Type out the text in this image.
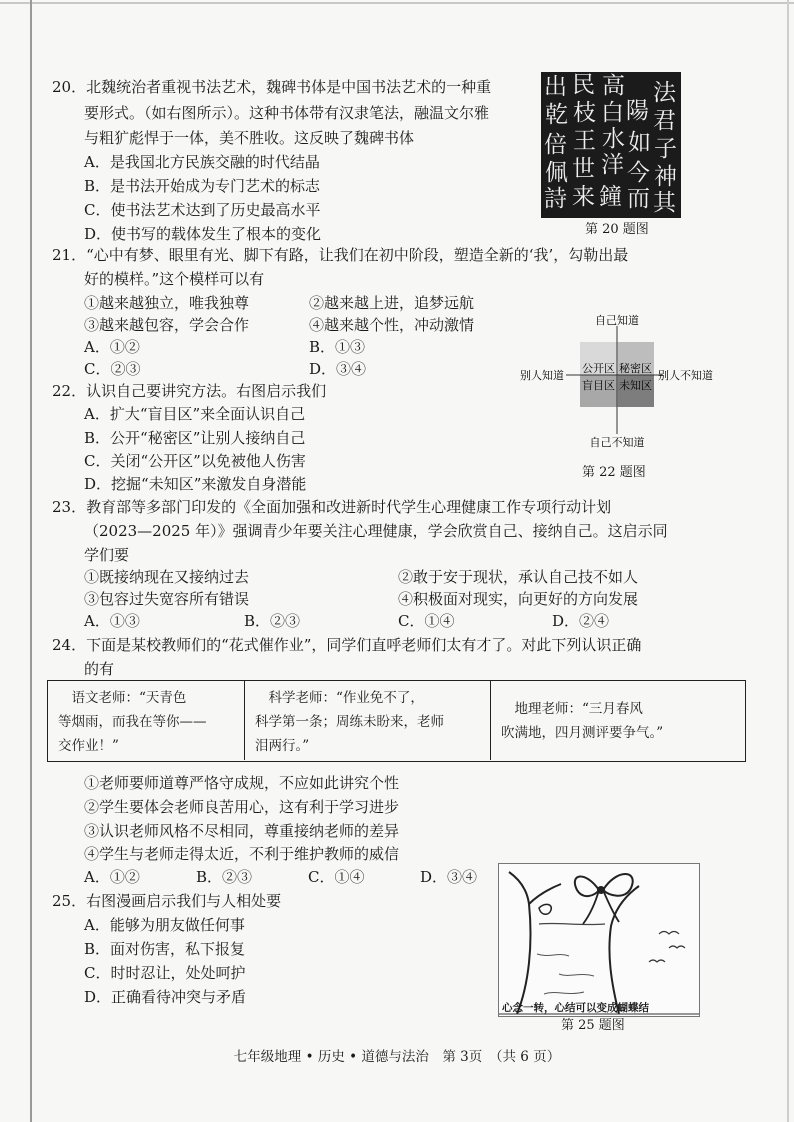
20．北魏统治者重视书法艺术，魏碑书体是中国书法艺术的一种重
要形式。（如右图所示）。这种书体带有汉隶笔法，融温文尔雅
与粗犷彪悍于一体，美不胜收。这反映了魏碑书体
A．是我国北方民族交融的时代结晶
B．是书法开始成为专门艺术的标志
C．使书法艺术达到了历史最高水平
D．使书写的载体发生了根本的变化
出 民 高
陽
法
乾 枝 白
水
君
倍 王
洋
如 子
佩
詩
今 神
世
来 而 其
鐘
第 20 题图
21．“心中有梦、眼里有光、脚下有路，让我们在初中阶段，塑造全新的‘我’，勾勒出最
好的模样。”这个模样可以有
①越来越独立，唯我独尊	②越来越上进，追梦远航
③越来越包容，学会合作	④越来越个性，冲动激情
A．①②	B．①③
C．②③	D．③④
22．认识自己要讲究方法。右图启示我们
A．扩大“盲目区”来全面认识自己
B．公开“秘密区”让别人接纳自己
C．关闭“公开区”以免被他人伤害
D．挖掘“未知区”来激发自身潜能
自己知道
自己不知道
别人知道	别人不知道
公开区 秘密区
盲目区 未知区
第 22 题图
23．教育部等多部门印发的《全面加强和改进新时代学生心理健康工作专项行动计划
（2023—2025 年）》强调青少年要关注心理健康，学会欣赏自己、接纳自己。这启示同
学们要
①既接纳现在又接纳过去	②敢于安于现状，承认自己技不如人
③包容过失宽容所有错误	④积极面对现实，向更好的方向发展
A．①③	B．②③	C．①④	D．②④
24．下面是某校教师们的“花式催作业”，同学们直呼老师们太有才了。对此下列认识正确
的有
　语文老师：“天青色
等烟雨，而我在等你——
交作业！”
　科学老师：“作业免不了，
科学第一条；周练未盼来，老师
泪两行。”
　地理老师：“三月春风
吹满地，四月测评要争气。”
①老师要师道尊严恪守成规，不应如此讲究个性
②学生要体会老师良苦用心，这有利于学习进步
③认识老师风格不尽相同，尊重接纳老师的差异
④学生与老师走得太近，不利于维护教师的威信
A．①②	B．②③	C．①④	D．③④
25．右图漫画启示我们与人相处要
A．能够为朋友做任何事
B．面对伤害，私下报复
C．时时忍让，处处呵护
D．正确看待冲突与矛盾
心念一转，心结可以变成蝴蝶结
第 25 题图
七年级地理 • 历史 • 道德与法治　第 3页　（共 6 页）
